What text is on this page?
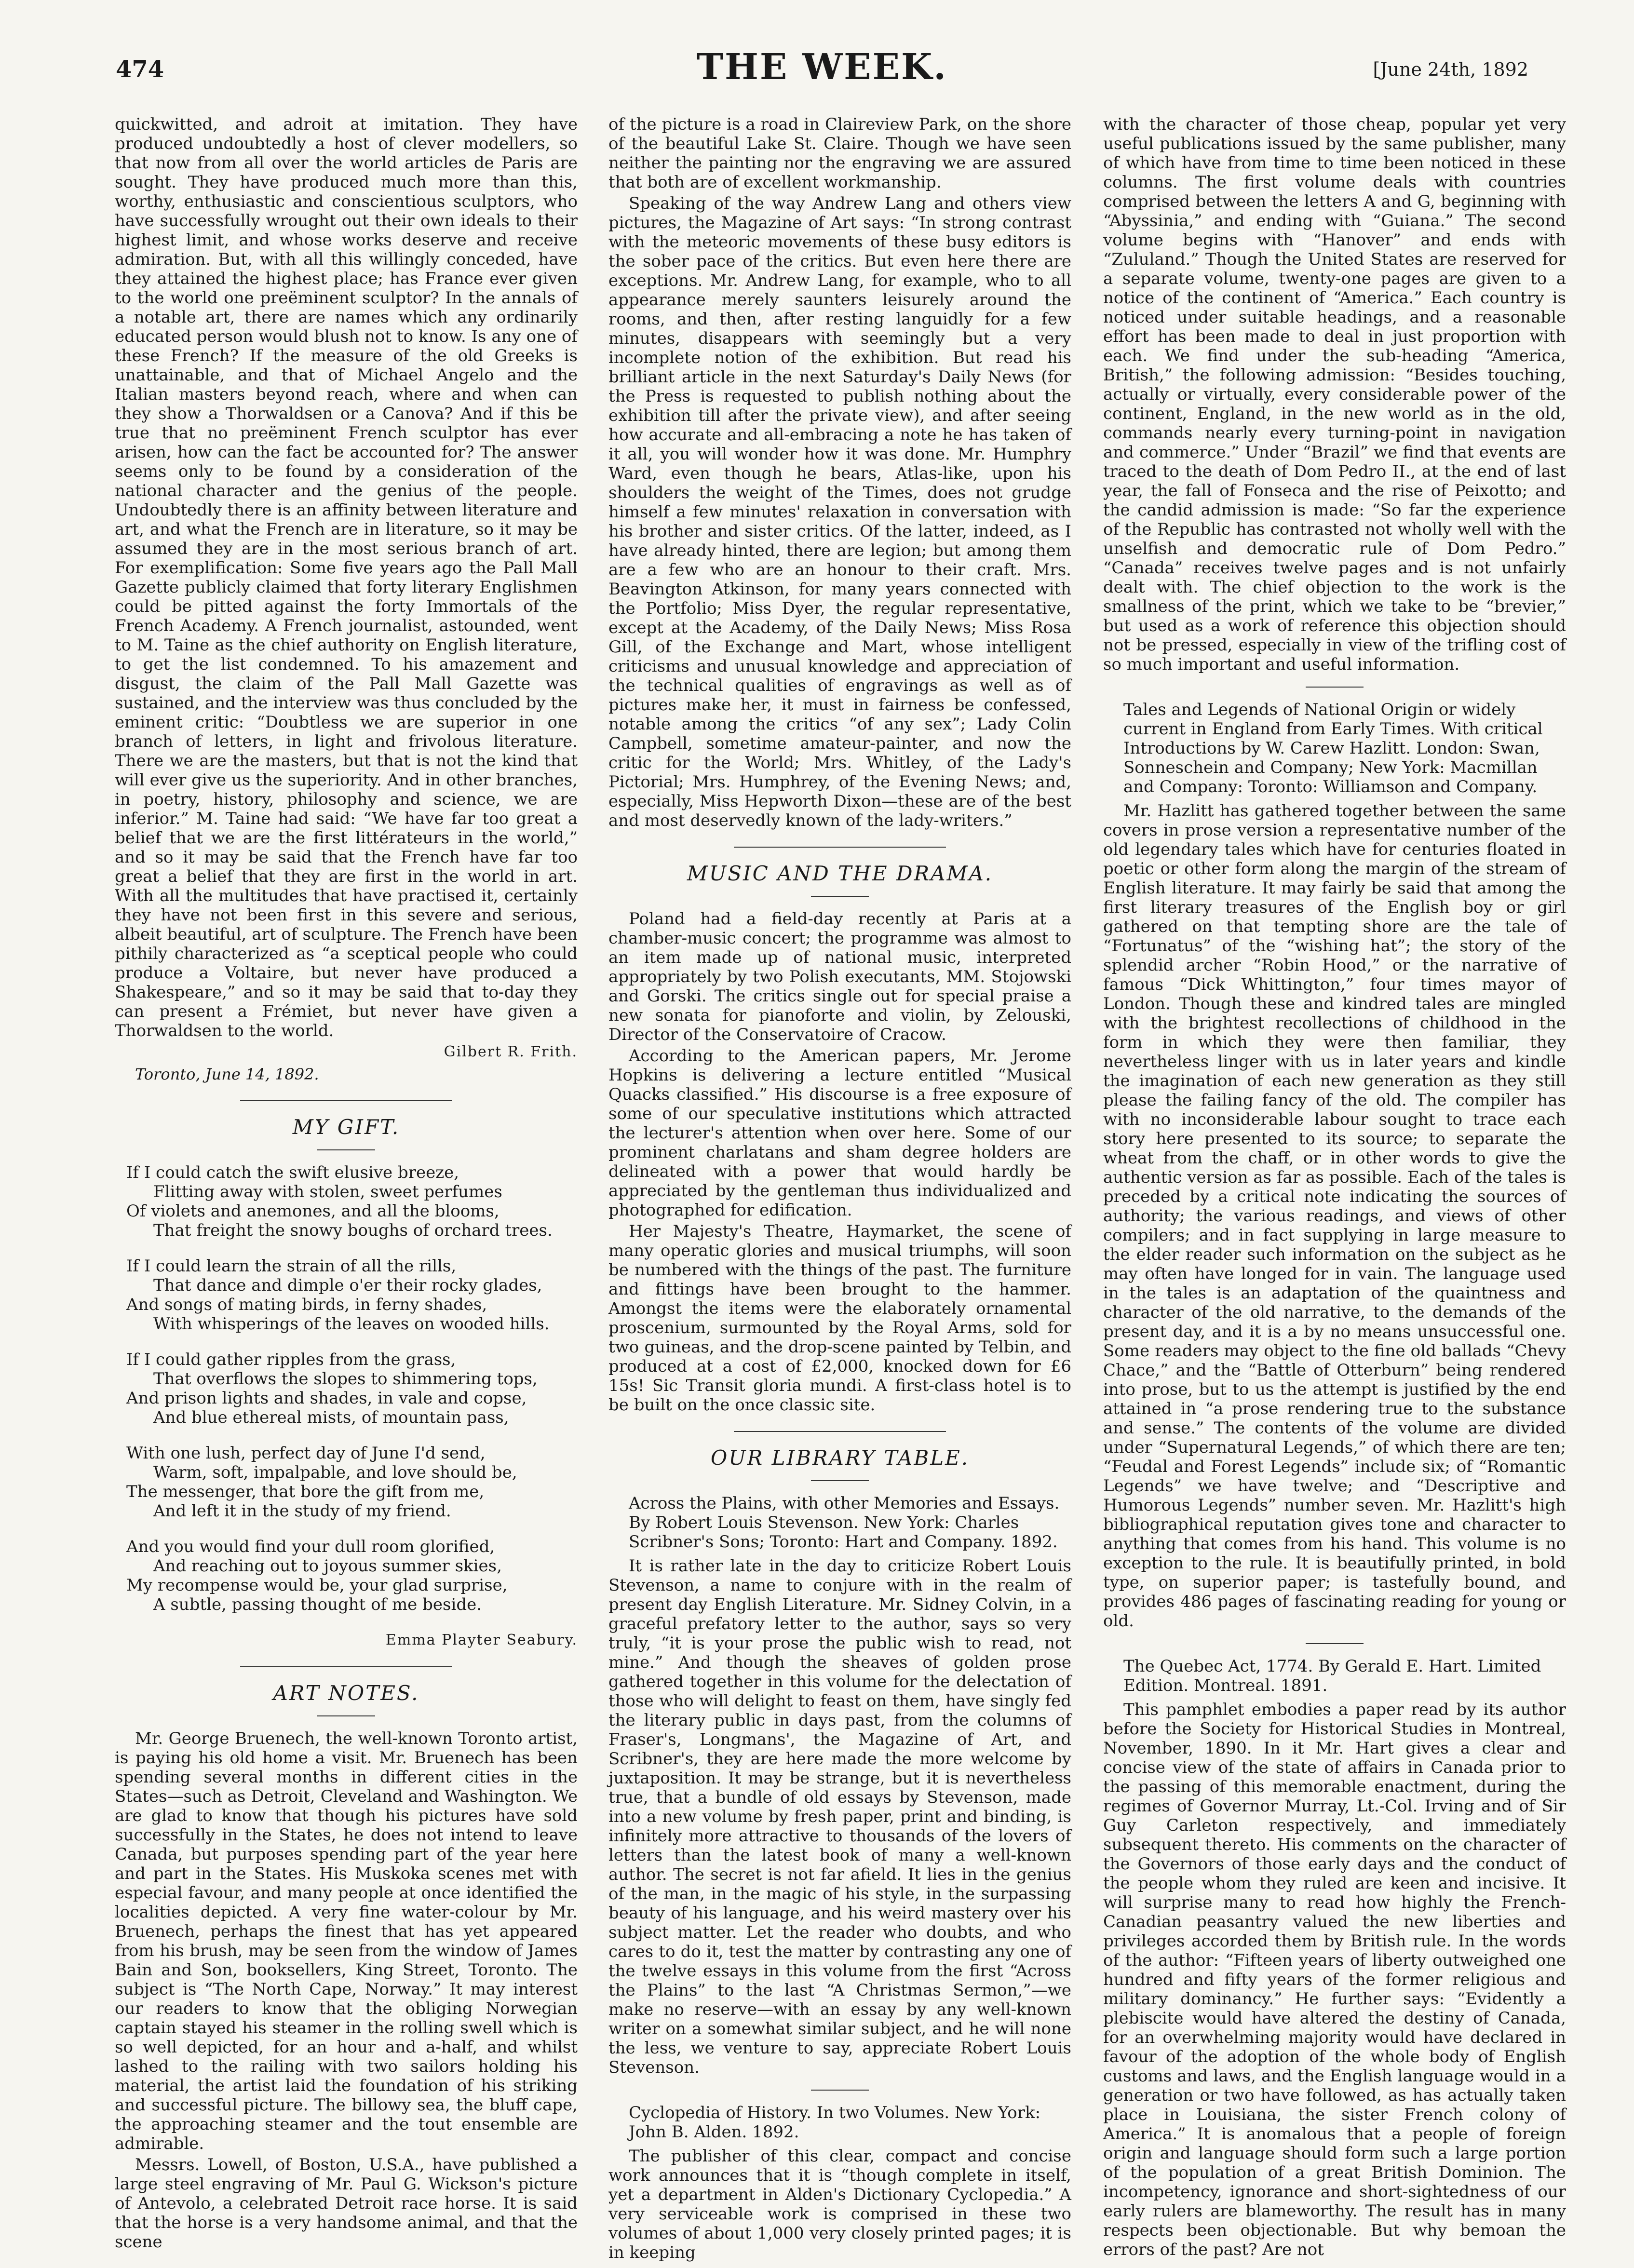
474	THE WEEK.	[June 24th, 1892

quickwitted, and adroit at imitation. They have produced undoubtedly a host of clever modellers, so that now from all over the world articles de Paris are sought. They have produced much more than this, worthy, enthusiastic and conscientious sculptors, who have successfully wrought out their own ideals to their highest limit, and whose works deserve and receive admiration. But, with all this willingly conceded, have they attained the highest place; has France ever given to the world one preëminent sculptor? In the annals of a notable art, there are names which any ordinarily educated person would blush not to know. Is any one of these French? If the measure of the old Greeks is unattainable, and that of Michael Angelo and the Italian masters beyond reach, where and when can they show a Thorwaldsen or a Canova? And if this be true that no preëminent French sculptor has ever arisen, how can the fact be accounted for? The answer seems only to be found by a consideration of the national character and the genius of the people. Undoubtedly there is an affinity between literature and art, and what the French are in literature, so it may be assumed they are in the most serious branch of art. For exemplification: Some five years ago the Pall Mall Gazette publicly claimed that forty literary Englishmen could be pitted against the forty Immortals of the French Academy. A French journalist, astounded, went to M. Taine as the chief authority on English literature, to get the list condemned. To his amazement and disgust, the claim of the Pall Mall Gazette was sustained, and the interview was thus concluded by the eminent critic: “Doubtless we are superior in one branch of letters, in light and frivolous literature. There we are the masters, but that is not the kind that will ever give us the superiority. And in other branches, in poetry, history, philosophy and science, we are inferior.” M. Taine had said: “We have far too great a belief that we are the first littérateurs in the world,” and so it may be said that the French have far too great a belief that they are first in the world in art. With all the multitudes that have practised it, certainly they have not been first in this severe and serious, albeit beautiful, art of sculpture. The French have been pithily characterized as “a sceptical people who could produce a Voltaire, but never have produced a Shakespeare,” and so it may be said that to-day they can present a Frémiet, but never have given a Thorwaldsen to the world.

Gilbert R. Frith.
Toronto, June 14, 1892.
MY GIFT.
If I could catch the swift elusive breeze,
Flitting away with stolen, sweet perfumes
Of violets and anemones, and all the blooms,
That freight the snowy boughs of orchard trees.
If I could learn the strain of all the rills,
That dance and dimple o'er their rocky glades,
And songs of mating birds, in ferny shades,
With whisperings of the leaves on wooded hills.
If I could gather ripples from the grass,
That overflows the slopes to shimmering tops,
And prison lights and shades, in vale and copse,
And blue ethereal mists, of mountain pass,
With one lush, perfect day of June I'd send,
Warm, soft, impalpable, and love should be,
The messenger, that bore the gift from me,
And left it in the study of my friend.
And you would find your dull room glorified,
And reaching out to joyous summer skies,
My recompense would be, your glad surprise,
A subtle, passing thought of me beside.
Emma Playter Seabury.
ART NOTES.

Mr. George Bruenech, the well-known Toronto artist, is paying his old home a visit. Mr. Bruenech has been spending several months in different cities in the States—such as Detroit, Cleveland and Washington. We are glad to know that though his pictures have sold successfully in the States, he does not intend to leave Canada, but purposes spending part of the year here and part in the States. His Muskoka scenes met with especial favour, and many people at once identified the localities depicted. A very fine water-colour by Mr. Bruenech, perhaps the finest that has yet appeared from his brush, may be seen from the window of James Bain and Son, booksellers, King Street, Toronto. The subject is “The North Cape, Norway.” It may interest our readers to know that the obliging Norwegian captain stayed his steamer in the rolling swell which is so well depicted, for an hour and a-half, and whilst lashed to the railing with two sailors holding his material, the artist laid the foundation of his striking and successful picture. The billowy sea, the bluff cape, the approaching steamer and the tout ensemble are admirable.

Messrs. Lowell, of Boston, U.S.A., have published a large steel engraving of Mr. Paul G. Wickson's picture of Antevolo, a celebrated Detroit race horse. It is said that the horse is a very handsome animal, and that the scene

of the picture is a road in Claireview Park, on the shore of the beautiful Lake St. Claire. Though we have seen neither the painting nor the engraving we are assured that both are of excellent workmanship.

Speaking of the way Andrew Lang and others view pictures, the Magazine of Art says: “In strong contrast with the meteoric movements of these busy editors is the sober pace of the critics. But even here there are exceptions. Mr. Andrew Lang, for example, who to all appearance merely saunters leisurely around the rooms, and then, after resting languidly for a few minutes, disappears with seemingly but a very incomplete notion of the exhibition. But read his brilliant article in the next Saturday's Daily News (for the Press is requested to publish nothing about the exhibition till after the private view), and after seeing how accurate and all-embracing a note he has taken of it all, you will wonder how it was done. Mr. Humphry Ward, even though he bears, Atlas-like, upon his shoulders the weight of the Times, does not grudge himself a few minutes' relaxation in conversation with his brother and sister critics. Of the latter, indeed, as I have already hinted, there are legion; but among them are a few who are an honour to their craft. Mrs. Beavington Atkinson, for many years connected with the Portfolio; Miss Dyer, the regular representative, except at the Academy, of the Daily News; Miss Rosa Gill, of the Exchange and Mart, whose intelligent criticisms and unusual knowledge and appreciation of the technical qualities of engravings as well as of pictures make her, it must in fairness be confessed, notable among the critics “of any sex”; Lady Colin Campbell, sometime amateur-painter, and now the critic for the World; Mrs. Whitley, of the Lady's Pictorial; Mrs. Humphrey, of the Evening News; and, especially, Miss Hepworth Dixon—these are of the best and most deservedly known of the lady-writers.”

MUSIC AND THE DRAMA.

Poland had a field-day recently at Paris at a chamber-music concert; the programme was almost to an item made up of national music, interpreted appropriately by two Polish executants, MM. Stojowski and Gorski. The critics single out for special praise a new sonata for pianoforte and violin, by Zelouski, Director of the Conservatoire of Cracow.

According to the American papers, Mr. Jerome Hopkins is delivering a lecture entitled “Musical Quacks classified.” His discourse is a free exposure of some of our speculative institutions which attracted the lecturer's attention when over here. Some of our prominent charlatans and sham degree holders are delineated with a power that would hardly be appreciated by the gentleman thus individualized and photographed for edification.

Her Majesty's Theatre, Haymarket, the scene of many operatic glories and musical triumphs, will soon be numbered with the things of the past. The furniture and fittings have been brought to the hammer. Amongst the items were the elaborately ornamental proscenium, surmounted by the Royal Arms, sold for two guineas, and the drop-scene painted by Telbin, and produced at a cost of £2,000, knocked down for £6 15s! Sic Transit gloria mundi. A first-class hotel is to be built on the once classic site.

OUR LIBRARY TABLE.

Across the Plains, with other Memories and Essays. By Robert Louis Stevenson. New York: Charles Scribner's Sons; Toronto: Hart and Company. 1892.

It is rather late in the day to criticize Robert Louis Stevenson, a name to conjure with in the realm of present day English Literature. Mr. Sidney Colvin, in a graceful prefatory letter to the author, says so very truly, “it is your prose the public wish to read, not mine.” And though the sheaves of golden prose gathered together in this volume for the delectation of those who will delight to feast on them, have singly fed the literary public in days past, from the columns of Fraser's, Longmans', the Magazine of Art, and Scribner's, they are here made the more welcome by juxtaposition. It may be strange, but it is nevertheless true, that a bundle of old essays by Stevenson, made into a new volume by fresh paper, print and binding, is infinitely more attractive to thousands of the lovers of letters than the latest book of many a well-known author. The secret is not far afield. It lies in the genius of the man, in the magic of his style, in the surpassing beauty of his language, and his weird mastery over his subject matter. Let the reader who doubts, and who cares to do it, test the matter by contrasting any one of the twelve essays in this volume from the first “Across the Plains” to the last “A Christmas Sermon,”—we make no reserve—with an essay by any well-known writer on a somewhat similar subject, and he will none the less, we venture to say, appreciate Robert Louis Stevenson.

Cyclopedia of History. In two Volumes. New York: John B. Alden. 1892.

The publisher of this clear, compact and concise work announces that it is “though complete in itself, yet a department in Alden's Dictionary Cyclopedia.” A very serviceable work is comprised in these two volumes of about 1,000 very closely printed pages; it is in keeping

with the character of those cheap, popular yet very useful publications issued by the same publisher, many of which have from time to time been noticed in these columns. The first volume deals with countries comprised between the letters A and G, beginning with “Abyssinia,” and ending with “Guiana.” The second volume begins with “Hanover” and ends with “Zululand.” Though the United States are reserved for a separate volume, twenty-one pages are given to a notice of the continent of “America.” Each country is noticed under suitable headings, and a reasonable effort has been made to deal in just proportion with each. We find under the sub-heading “America, British,” the following admission: “Besides touching, actually or virtually, every considerable power of the continent, England, in the new world as in the old, commands nearly every turning-point in navigation and commerce.” Under “Brazil” we find that events are traced to the death of Dom Pedro II., at the end of last year, the fall of Fonseca and the rise of Peixotto; and the candid admission is made: “So far the experience of the Republic has contrasted not wholly well with the unselfish and democratic rule of Dom Pedro.” “Canada” receives twelve pages and is not unfairly dealt with. The chief objection to the work is the smallness of the print, which we take to be “brevier,” but used as a work of reference this objection should not be pressed, especially in view of the trifling cost of so much important and useful information.

Tales and Legends of National Origin or widely current in England from Early Times. With critical Introductions by W. Carew Hazlitt. London: Swan, Sonneschein and Company; New York: Macmillan and Company: Toronto: Williamson and Company.

Mr. Hazlitt has gathered together between the same covers in prose version a representative number of the old legendary tales which have for centuries floated in poetic or other form along the margin of the stream of English literature. It may fairly be said that among the first literary treasures of the English boy or girl gathered on that tempting shore are the tale of “Fortunatus” of the “wishing hat”; the story of the splendid archer “Robin Hood,” or the narrative of famous “Dick Whittington,” four times mayor of London. Though these and kindred tales are mingled with the brightest recollections of childhood in the form in which they were then familiar, they nevertheless linger with us in later years and kindle the imagination of each new generation as they still please the failing fancy of the old. The compiler has with no inconsiderable labour sought to trace each story here presented to its source; to separate the wheat from the chaff, or in other words to give the authentic version as far as possible. Each of the tales is preceded by a critical note indicating the sources of authority; the various readings, and views of other compilers; and in fact supplying in large measure to the elder reader such information on the subject as he may often have longed for in vain. The language used in the tales is an adaptation of the quaintness and character of the old narrative, to the demands of the present day, and it is a by no means unsuccessful one. Some readers may object to the fine old ballads “Chevy Chace,” and the “Battle of Otterburn” being rendered into prose, but to us the attempt is justified by the end attained in “a prose rendering true to the substance and sense.” The contents of the volume are divided under “Supernatural Legends,” of which there are ten; “Feudal and Forest Legends” include six; of “Romantic Legends” we have twelve; and “Descriptive and Humorous Legends” number seven. Mr. Hazlitt's high bibliographical reputation gives tone and character to anything that comes from his hand. This volume is no exception to the rule. It is beautifully printed, in bold type, on superior paper; is tastefully bound, and provides 486 pages of fascinating reading for young or old.

The Quebec Act, 1774. By Gerald E. Hart. Limited Edition. Montreal. 1891.

This pamphlet embodies a paper read by its author before the Society for Historical Studies in Montreal, November, 1890. In it Mr. Hart gives a clear and concise view of the state of affairs in Canada prior to the passing of this memorable enactment, during the regimes of Governor Murray, Lt.-Col. Irving and of Sir Guy Carleton respectively, and immediately subsequent thereto. His comments on the character of the Governors of those early days and the conduct of the people whom they ruled are keen and incisive. It will surprise many to read how highly the French-Canadian peasantry valued the new liberties and privileges accorded them by British rule. In the words of the author: “Fifteen years of liberty outweighed one hundred and fifty years of the former religious and military dominancy.” He further says: “Evidently a plebiscite would have altered the destiny of Canada, for an overwhelming majority would have declared in favour of the adoption of the whole body of English customs and laws, and the English language would in a generation or two have followed, as has actually taken place in Louisiana, the sister French colony of America.” It is anomalous that a people of foreign origin and language should form such a large portion of the population of a great British Dominion. The incompetency, ignorance and short-sightedness of our early rulers are blameworthy. The result has in many respects been objectionable. But why bemoan the errors of the past? Are not
